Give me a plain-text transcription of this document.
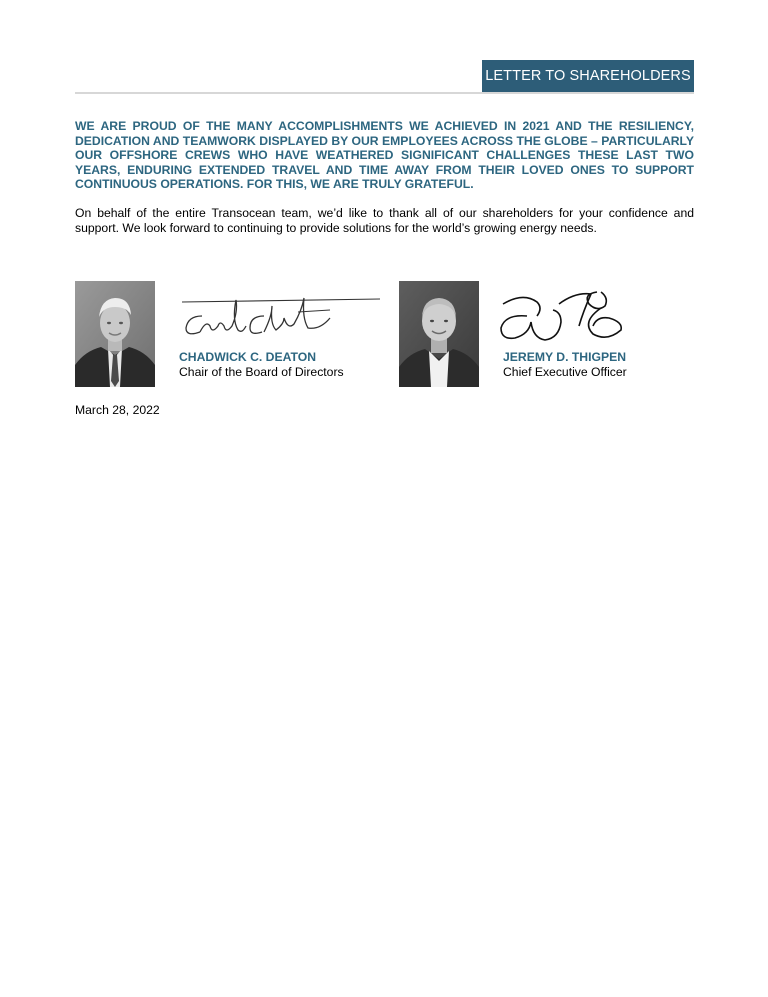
LETTER TO SHAREHOLDERS

WE ARE PROUD OF THE MANY ACCOMPLISHMENTS WE ACHIEVED IN 2021 AND THE RESILIENCY, DEDICATION AND TEAMWORK DISPLAYED BY OUR EMPLOYEES ACROSS THE GLOBE – PARTICULARLY OUR OFFSHORE CREWS WHO HAVE WEATHERED SIGNIFICANT CHALLENGES THESE LAST TWO YEARS, ENDURING EXTENDED TRAVEL AND TIME AWAY FROM THEIR LOVED ONES TO SUPPORT CONTINUOUS OPERATIONS. FOR THIS, WE ARE TRULY GRATEFUL.

On behalf of the entire Transocean team, we’d like to thank all of our shareholders for your confidence and support. We look forward to continuing to provide solutions for the world’s growing energy needs.

CHADWICK C. DEATON
Chair of the Board of Directors
JEREMY D. THIGPEN
Chief Executive Officer
March 28, 2022
